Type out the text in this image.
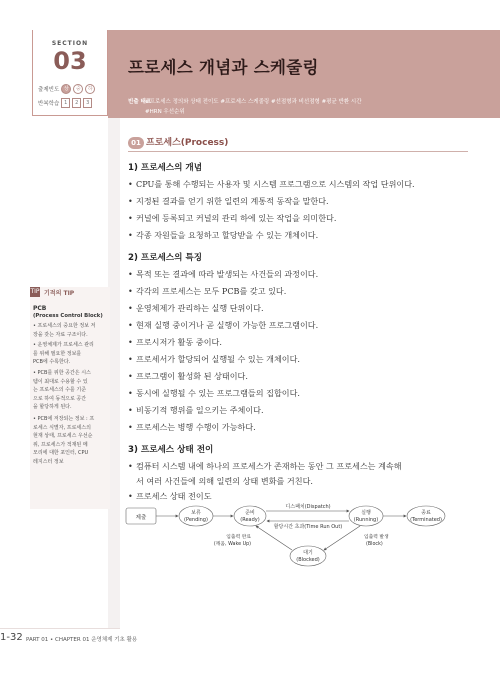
SECTION
03
출제빈도 상	중	하
반복학습 1	2	3
프로세스 개념과 스케줄링
빈출 태그
#프로세스 정의와 상태 전이도 #프로세스 스케줄링 #선점형과 비선점형 #평균 반환 시간
#HRN 우선순위
01 프로세스(Process)
1) 프로세스의 개념
• CPU를 통해 수행되는 사용자 및 시스템 프로그램으로 시스템의 작업 단위이다.
• 지정된 결과를 얻기 위한 일련의 계통적 동작을 말한다.
• 커널에 등록되고 커널의 관리 하에 있는 작업을 의미한다.
• 각종 자원들을 요청하고 할당받을 수 있는 개체이다.
2) 프로세스의 특징
• 목적 또는 결과에 따라 발생되는 사건들의 과정이다.
• 각각의 프로세스는 모두 PCB를 갖고 있다.
• 운영체제가 관리하는 실행 단위이다.
• 현재 실행 중이거나 곧 실행이 가능한 프로그램이다.
• 프로시저가 활동 중이다.
• 프로세서가 할당되어 실행될 수 있는 개체이다.
• 프로그램이 활성화 된 상태이다.
• 동시에 실행될 수 있는 프로그램들의 집합이다.
• 비동기적 행위를 일으키는 주체이다.
• 프로세스는 병행 수행이 가능하다.
3) 프로세스 상태 전이
• 컴퓨터 시스템 내에 하나의 프로세스가 존재하는 동안 그 프로세스는 계속해
서 여러 사건들에 의해 일련의 상태 변화를 거친다.
• 프로세스 상태 전이도
제출
보류
(Pending)
준비
(Ready)
디스패치(Dispatch)
할당시간 초과(Time Run Out)
실행
(Running)
종료
(Terminated)
대기
(Blocked)
입출력 발생
(Block)
입출력 완료
(깨움, Wake Up)
TIP 기적의 TIP
PCB
(Process Control Block)
• 프로세스의 중요한 정보 저
장을 갖는 자료 구조이다.
• 운영체제가 프로세스 관리
를 위해 필요한 정보를
PCB에 수록한다.
• PCB를 위한 공간은 시스
템이 최대로 수용할 수 있
는 프로세스의 수를 기준
으로 하여 동적으로 공간
을 할당하게 된다.
• PCB에 저장되는 정보 : 프
로세스 식별자, 프로세스의
현재 상태, 프로세스 우선순
위, 프로세스가 적재된 메
모리에 대한 포인터, CPU
레지스터 정보
1-32 PART 01 • CHAPTER 01 운영체제 기초 활용
